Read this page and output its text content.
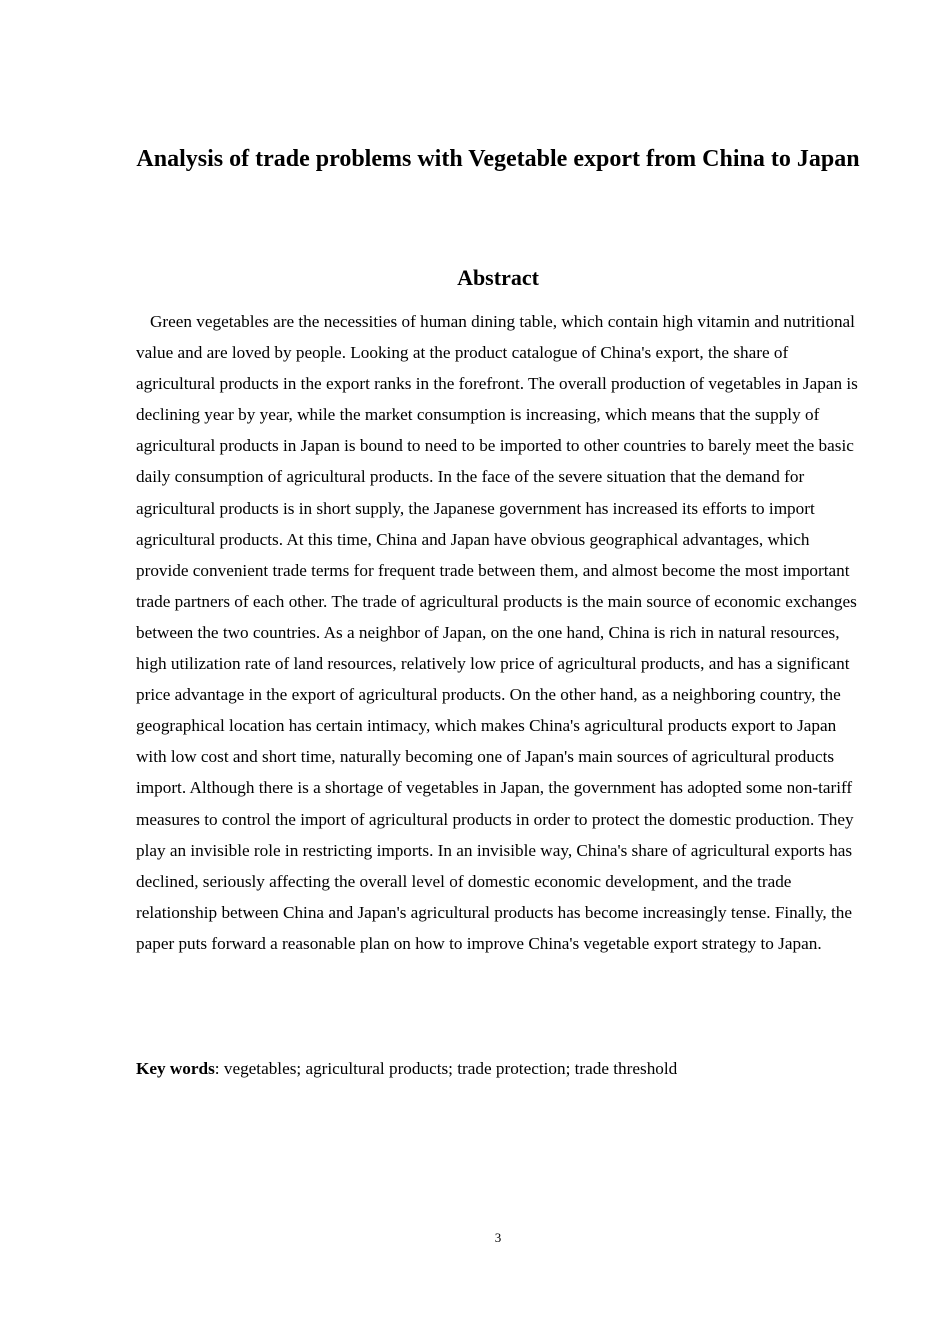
Analysis of trade problems with Vegetable export from China to Japan
Abstract

Green vegetables are the necessities of human dining table, which contain high vitamin and nutritional value and are loved by people. Looking at the product catalogue of China's export, the share of agricultural products in the export ranks in the forefront. The overall production of vegetables in Japan is declining year by year, while the market consumption is increasing, which means that the supply of agricultural products in Japan is bound to need to be imported to other countries to barely meet the basic daily consumption of agricultural products. In the face of the severe situation that the demand for agricultural products is in short supply, the Japanese government has increased its efforts to import agricultural products. At this time, China and Japan have obvious geographical advantages, which provide convenient trade terms for frequent trade between them, and almost become the most important trade partners of each other. The trade of agricultural products is the main source of economic exchanges between the two countries. As a neighbor of Japan, on the one hand, China is rich in natural resources, high utilization rate of land resources, relatively low price of agricultural products, and has a significant price advantage in the export of agricultural products. On the other hand, as a neighboring country, the geographical location has certain intimacy, which makes China's agricultural products export to Japan with low cost and short time, naturally becoming one of Japan's main sources of agricultural products import. Although there is a shortage of vegetables in Japan, the government has adopted some non-tariff measures to control the import of agricultural products in order to protect the domestic production. They play an invisible role in restricting imports. In an invisible way, China's share of agricultural exports has declined, seriously affecting the overall level of domestic economic development, and the trade relationship between China and Japan's agricultural products has become increasingly tense. Finally, the paper puts forward a reasonable plan on how to improve China's vegetable export strategy to Japan.

Key words: vegetables; agricultural products; trade protection; trade threshold

3
